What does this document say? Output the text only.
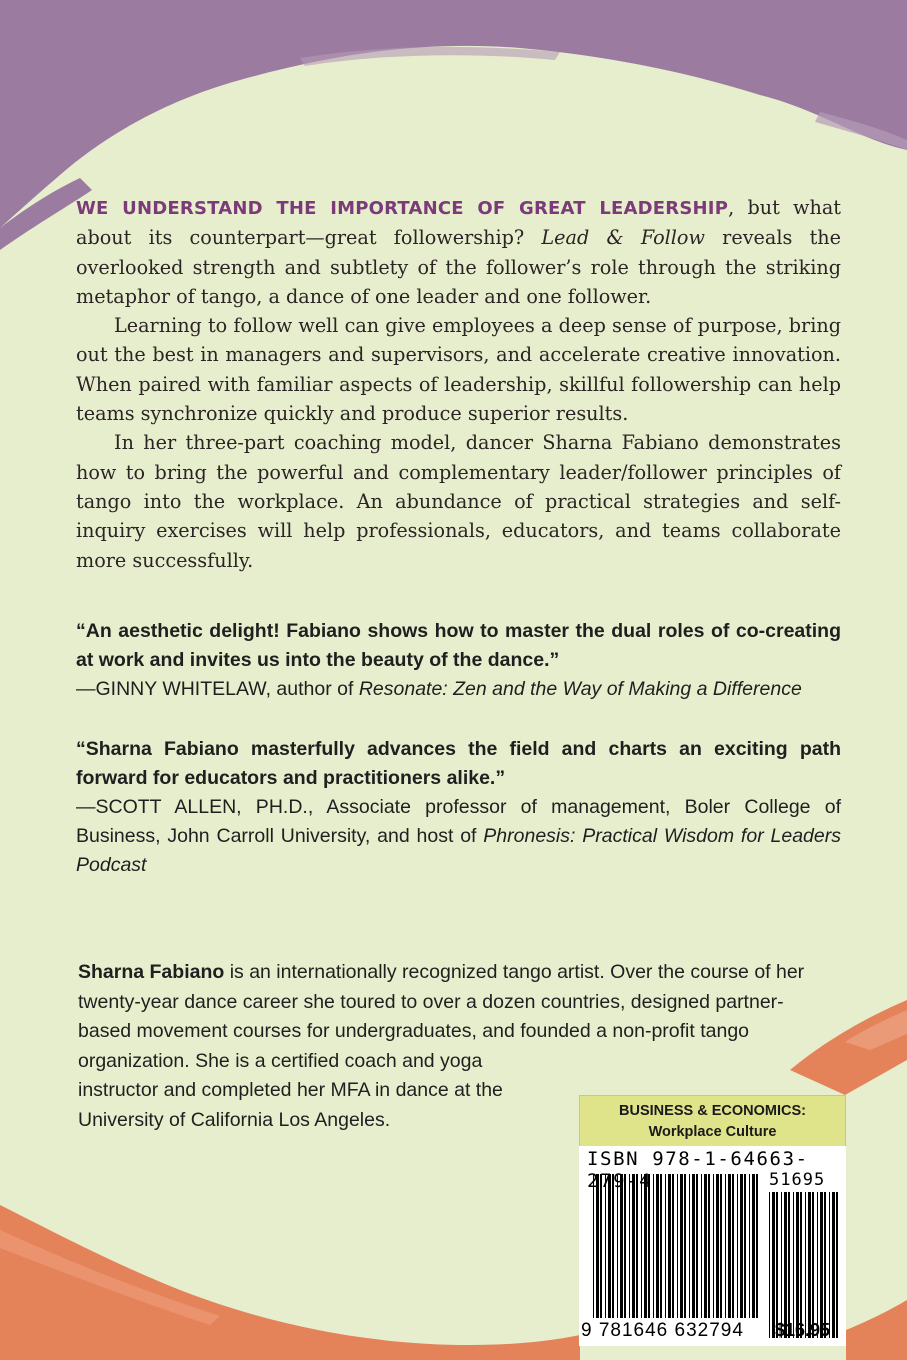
WE UNDERSTAND THE IMPORTANCE OF GREAT LEADERSHIP, but what about its counterpart—great followership? Lead & Follow reveals the overlooked strength and subtlety of the follower’s role through the striking metaphor of tango, a dance of one leader and one follower.

Learning to follow well can give employees a deep sense of purpose, bring out the best in managers and supervisors, and accelerate creative innovation. When paired with familiar aspects of leadership, skillful followership can help teams synchronize quickly and produce superior results.

In her three-part coaching model, dancer Sharna Fabiano demonstrates how to bring the powerful and complementary leader/follower principles of tango into the workplace. An abundance of practical strategies and self-inquiry exercises will help professionals, educators, and teams collaborate more successfully.

“An aesthetic delight! Fabiano shows how to master the dual roles of co-creating at work and invites us into the beauty of the dance.”
—GINNY WHITELAW, author of Resonate: Zen and the Way of Making a Difference
“Sharna Fabiano masterfully advances the field and charts an exciting path forward for educators and practitioners alike.”
—SCOTT ALLEN, PH.D., Associate professor of management, Boler College of Business, John Carroll University, and host of Phronesis: Practical Wisdom for Leaders Podcast
Sharna Fabiano is an internationally recognized tango artist. Over the course of her
twenty-year dance career she toured to over a dozen countries, designed partner-
based movement courses for undergraduates, and founded a non-profit tango
organization. She is a certified coach and yoga
instructor and completed her MFA in dance at the
University of California Los Angeles.	BUSINESS & ECONOMICS:
Workplace Culture
ISBN 978-1-64663-279-4	51695
9 781646 632794 $16.95
